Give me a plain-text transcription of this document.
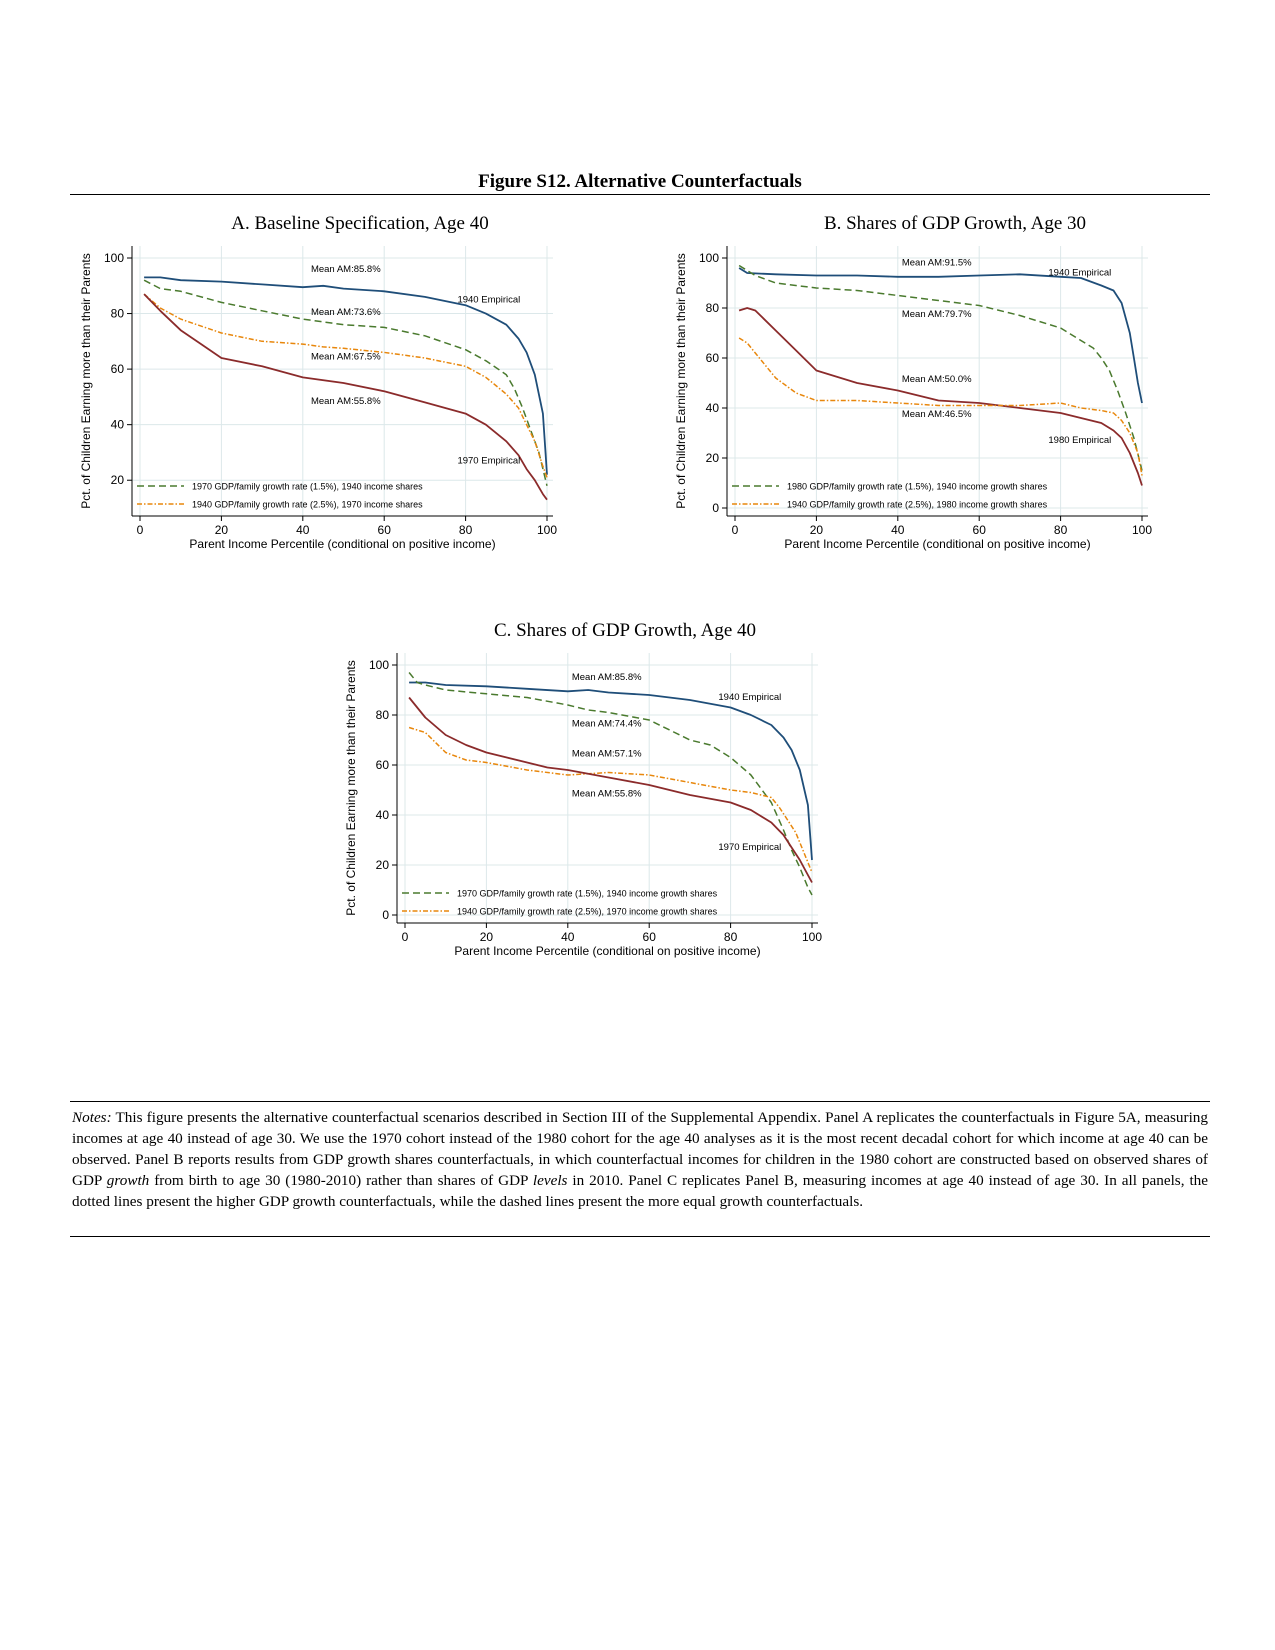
Figure S12. Alternative Counterfactuals
A. Baseline Specification, Age 40
20
40
60
80
100
0	20	40	60	80	100
Parent Income Percentile (conditional on positive income)
Pct. of Children Earning more than their Parents	Mean AM:85.8%
1940 Empirical
Mean AM:73.6%
Mean AM:67.5%
Mean AM:55.8%
1970 Empirical
1970 GDP/family growth rate (1.5%), 1940 income shares
1940 GDP/family growth rate (2.5%), 1970 income shares
B. Shares of GDP Growth, Age 30
0
20
40
60
80
100
0	20	40	60	80	100
Parent Income Percentile (conditional on positive income)
Pct. of Children Earning more than their Parents	Mean AM:91.5%
1940 Empirical
Mean AM:79.7%
Mean AM:50.0%
Mean AM:46.5%
1980 Empirical
1980 GDP/family growth rate (1.5%), 1940 income growth shares
1940 GDP/family growth rate (2.5%), 1980 income growth shares
C. Shares of GDP Growth, Age 40
0
20
40
60
80
100
0	20	40	60	80	100
Parent Income Percentile (conditional on positive income)
Pct. of Children Earning more than their Parents	Mean AM:85.8%
1940 Empirical
Mean AM:74.4%
Mean AM:57.1%
Mean AM:55.8%
1970 Empirical
1970 GDP/family growth rate (1.5%), 1940 income growth shares
1940 GDP/family growth rate (2.5%), 1970 income growth shares
Notes: This figure presents the alternative counterfactual scenarios described in Section III of the Supplemental Appendix. Panel A replicates the counterfactuals in Figure 5A, measuring incomes at age 40 instead of age 30. We use the 1970 cohort instead of the 1980 cohort for the age 40 analyses as it is the most recent decadal cohort for which income at age 40 can be observed. Panel B reports results from GDP growth shares counterfactuals, in which counterfactual incomes for children in the 1980 cohort are constructed based on observed shares of GDP growth from birth to age 30 (1980-2010) rather than shares of GDP levels in 2010. Panel C replicates Panel B, measuring incomes at age 40 instead of age 30. In all panels, the dotted lines present the higher GDP growth counterfactuals, while the dashed lines present the more equal growth counterfactuals.
